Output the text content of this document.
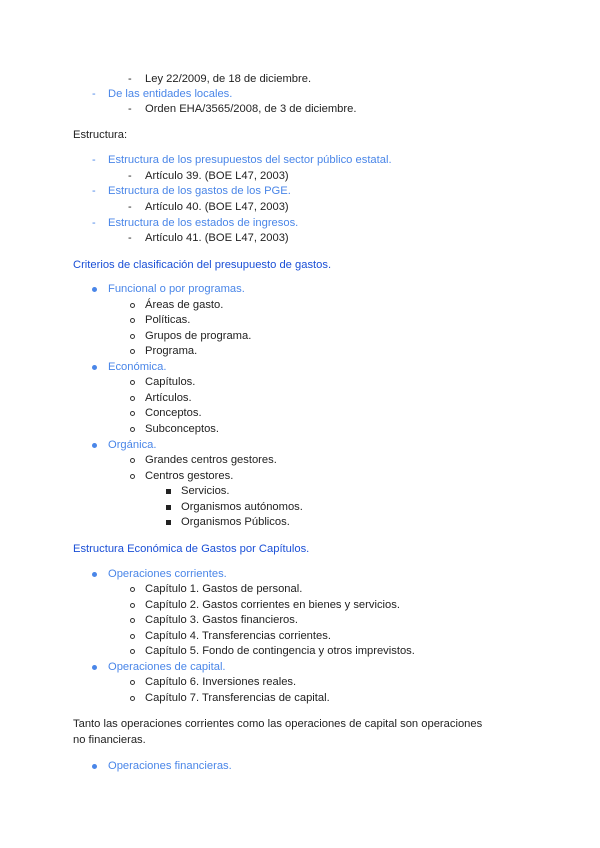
- Ley 22/2009, de 18 de diciembre.
- De las entidades locales.
- Orden EHA/3565/2008, de 3 de diciembre.
Estructura:
- Estructura de los presupuestos del sector público estatal.
- Artículo 39. (BOE L47, 2003)
- Estructura de los gastos de los PGE.
- Artículo 40. (BOE L47, 2003)
- Estructura de los estados de ingresos.
- Artículo 41. (BOE L47, 2003)
Criterios de clasificación del presupuesto de gastos.
Funcional o por programas.
Áreas de gasto.
Políticas.
Grupos de programa.
Programa.
Económica.
Capítulos.
Artículos.
Conceptos.
Subconceptos.
Orgánica.
Grandes centros gestores.
Centros gestores.
Servicios.
Organismos autónomos.
Organismos Públicos.
Estructura Económica de Gastos por Capítulos.
Operaciones corrientes.
Capítulo 1. Gastos de personal.
Capítulo 2. Gastos corrientes en bienes y servicios.
Capítulo 3. Gastos financieros.
Capítulo 4. Transferencias corrientes.
Capítulo 5. Fondo de contingencia y otros imprevistos.
Operaciones de capital.
Capítulo 6. Inversiones reales.
Capítulo 7. Transferencias de capital.
Tanto las operaciones corrientes como las operaciones de capital son operaciones
no financieras.
Operaciones financieras.
